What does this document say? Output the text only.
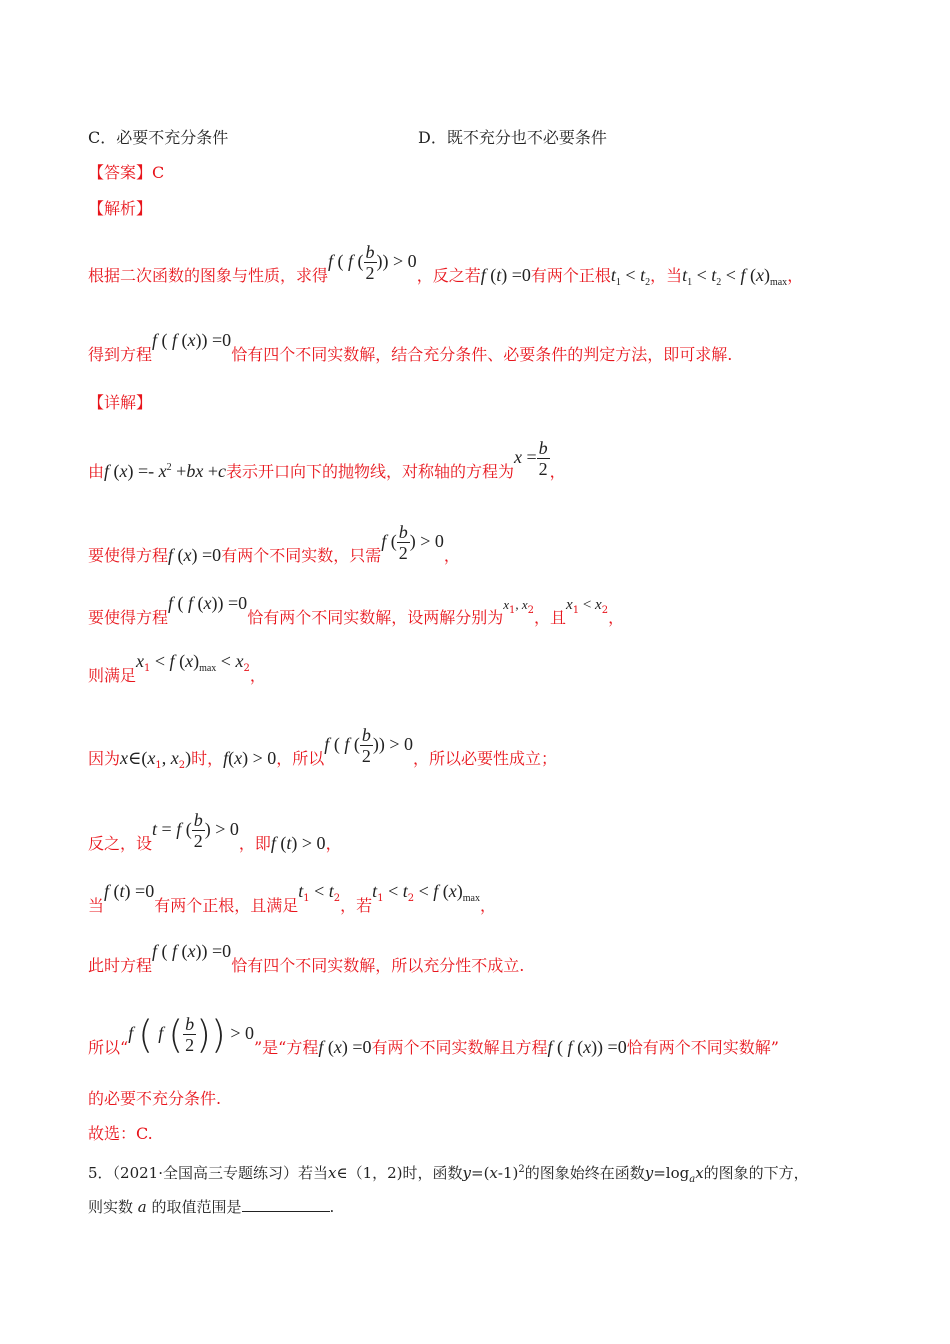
C．必要不充分条件	D．既不充分也不必要条件
【答案】C
【解析】
根据二次函数的图象与性质，求得f ( f ( $\frac{b}{2}$ )) > 0，反之若f (t) =0有两个正根$t_1 < t_2$，当$t_1 < t_2 < f$ $(x)_{max}$，
得到方程f ( f (x)) =0恰有四个不同实数解，结合充分条件、必要条件的判定方法，即可求解.
【详解】
由f $(x) =- x^2 +bx +c$表示开口向下的抛物线，对称轴的方程为$x = \frac{b}{2}$ ，
要使得方程f (x) =0有两个不同实数，只需f ( $\frac{b}{2}$ ) > 0，
要使得方程f ( f (x)) =0恰有两个不同实数解，设两解分别为$^{x_1, x_2}$，且$x_1 < x_2$，
则满足$x_1 < f$ $(x)_{max} < x_2$，
因为$x\in(x_1$, $x_2$)时，f(x) > 0，所以f ( f ( $\frac{b}{2}$ )) > 0，所以必要性成立；
反之，设t = f ( $\frac{b}{2}$ ) > 0，即f (t) > 0，
当f (t) =0有两个正根，且满足$t_1 < t_2$，若$t_1 < t_2 < f$ $(x)_{max}$，
此时方程f ( f (x)) =0恰有四个不同实数解，所以充分性不成立.
所以“f ( f ( $\frac{b}{2}$ )) > 0”是“方程f (x) =0有两个不同实数解且方程f ( f (x)) =0恰有两个不同实数解”
的必要不充分条件.
故选：C.
5．（2021·全国高三专题练习）若当x∈（1，2)时，函数$y=(x-1)^2$的图象始终在函数$y=\log_ax$的图象的下方，
则实数 a 的取值范围是	.
